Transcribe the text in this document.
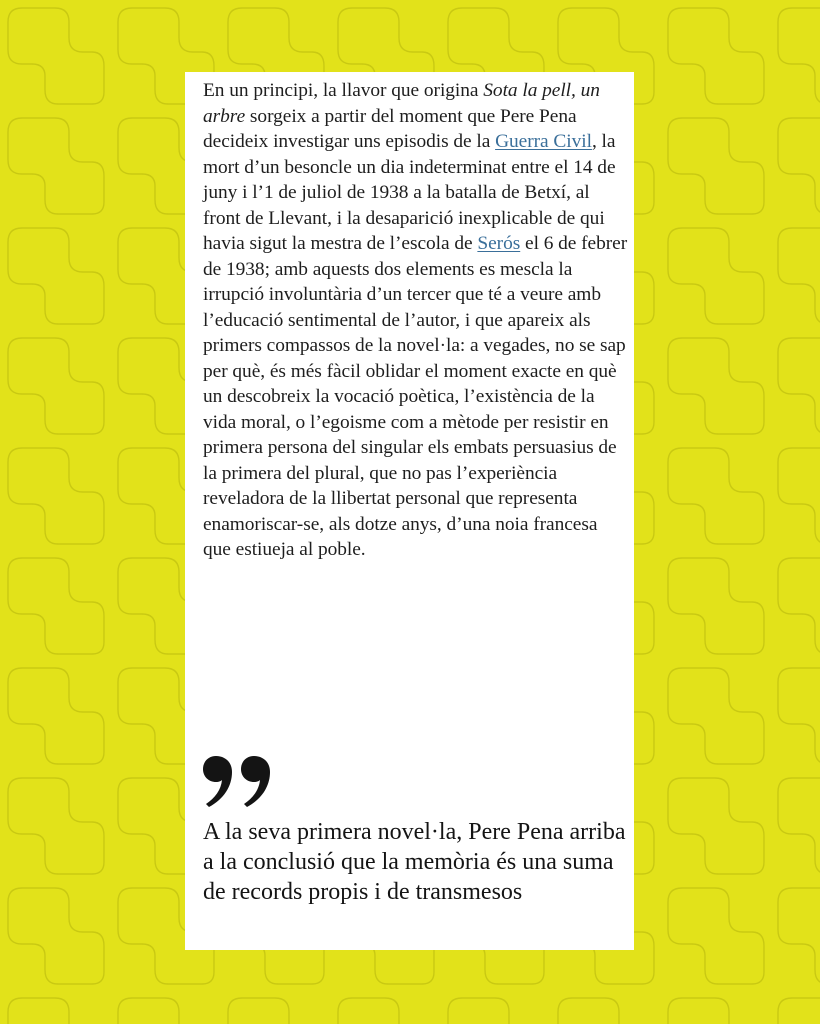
En un principi, la llavor que origina Sota la pell, un arbre sorgeix a partir del moment que Pere Pena decideix investigar uns episodis de la Guerra Civil, la mort d’un besoncle un dia indeterminat entre el 14 de juny i l’1 de juliol de 1938 a la batalla de Betxí, al front de Llevant, i la desaparició inexplicable de qui havia sigut la mestra de l’escola de Serós el 6 de febrer de 1938; amb aquests dos elements es mescla la irrupció involuntària d’un tercer que té a veure amb l’educació sentimental de l’autor, i que apareix als primers compassos de la novel·la: a vegades, no se sap per què, és més fàcil oblidar el moment exacte en què un descobreix la vocació poètica, l’existència de la vida moral, o l’egoisme com a mètode per resistir en primera persona del singular els embats persuasius de la primera del plural, que no pas l’experiència reveladora de la llibertat personal que representa enamoriscar-se, als dotze anys, d’una noia francesa que estiueja al poble.

A la seva primera novel·la, Pere Pena arriba a la conclusió que la memòria és una suma de records propis i de transmesos
